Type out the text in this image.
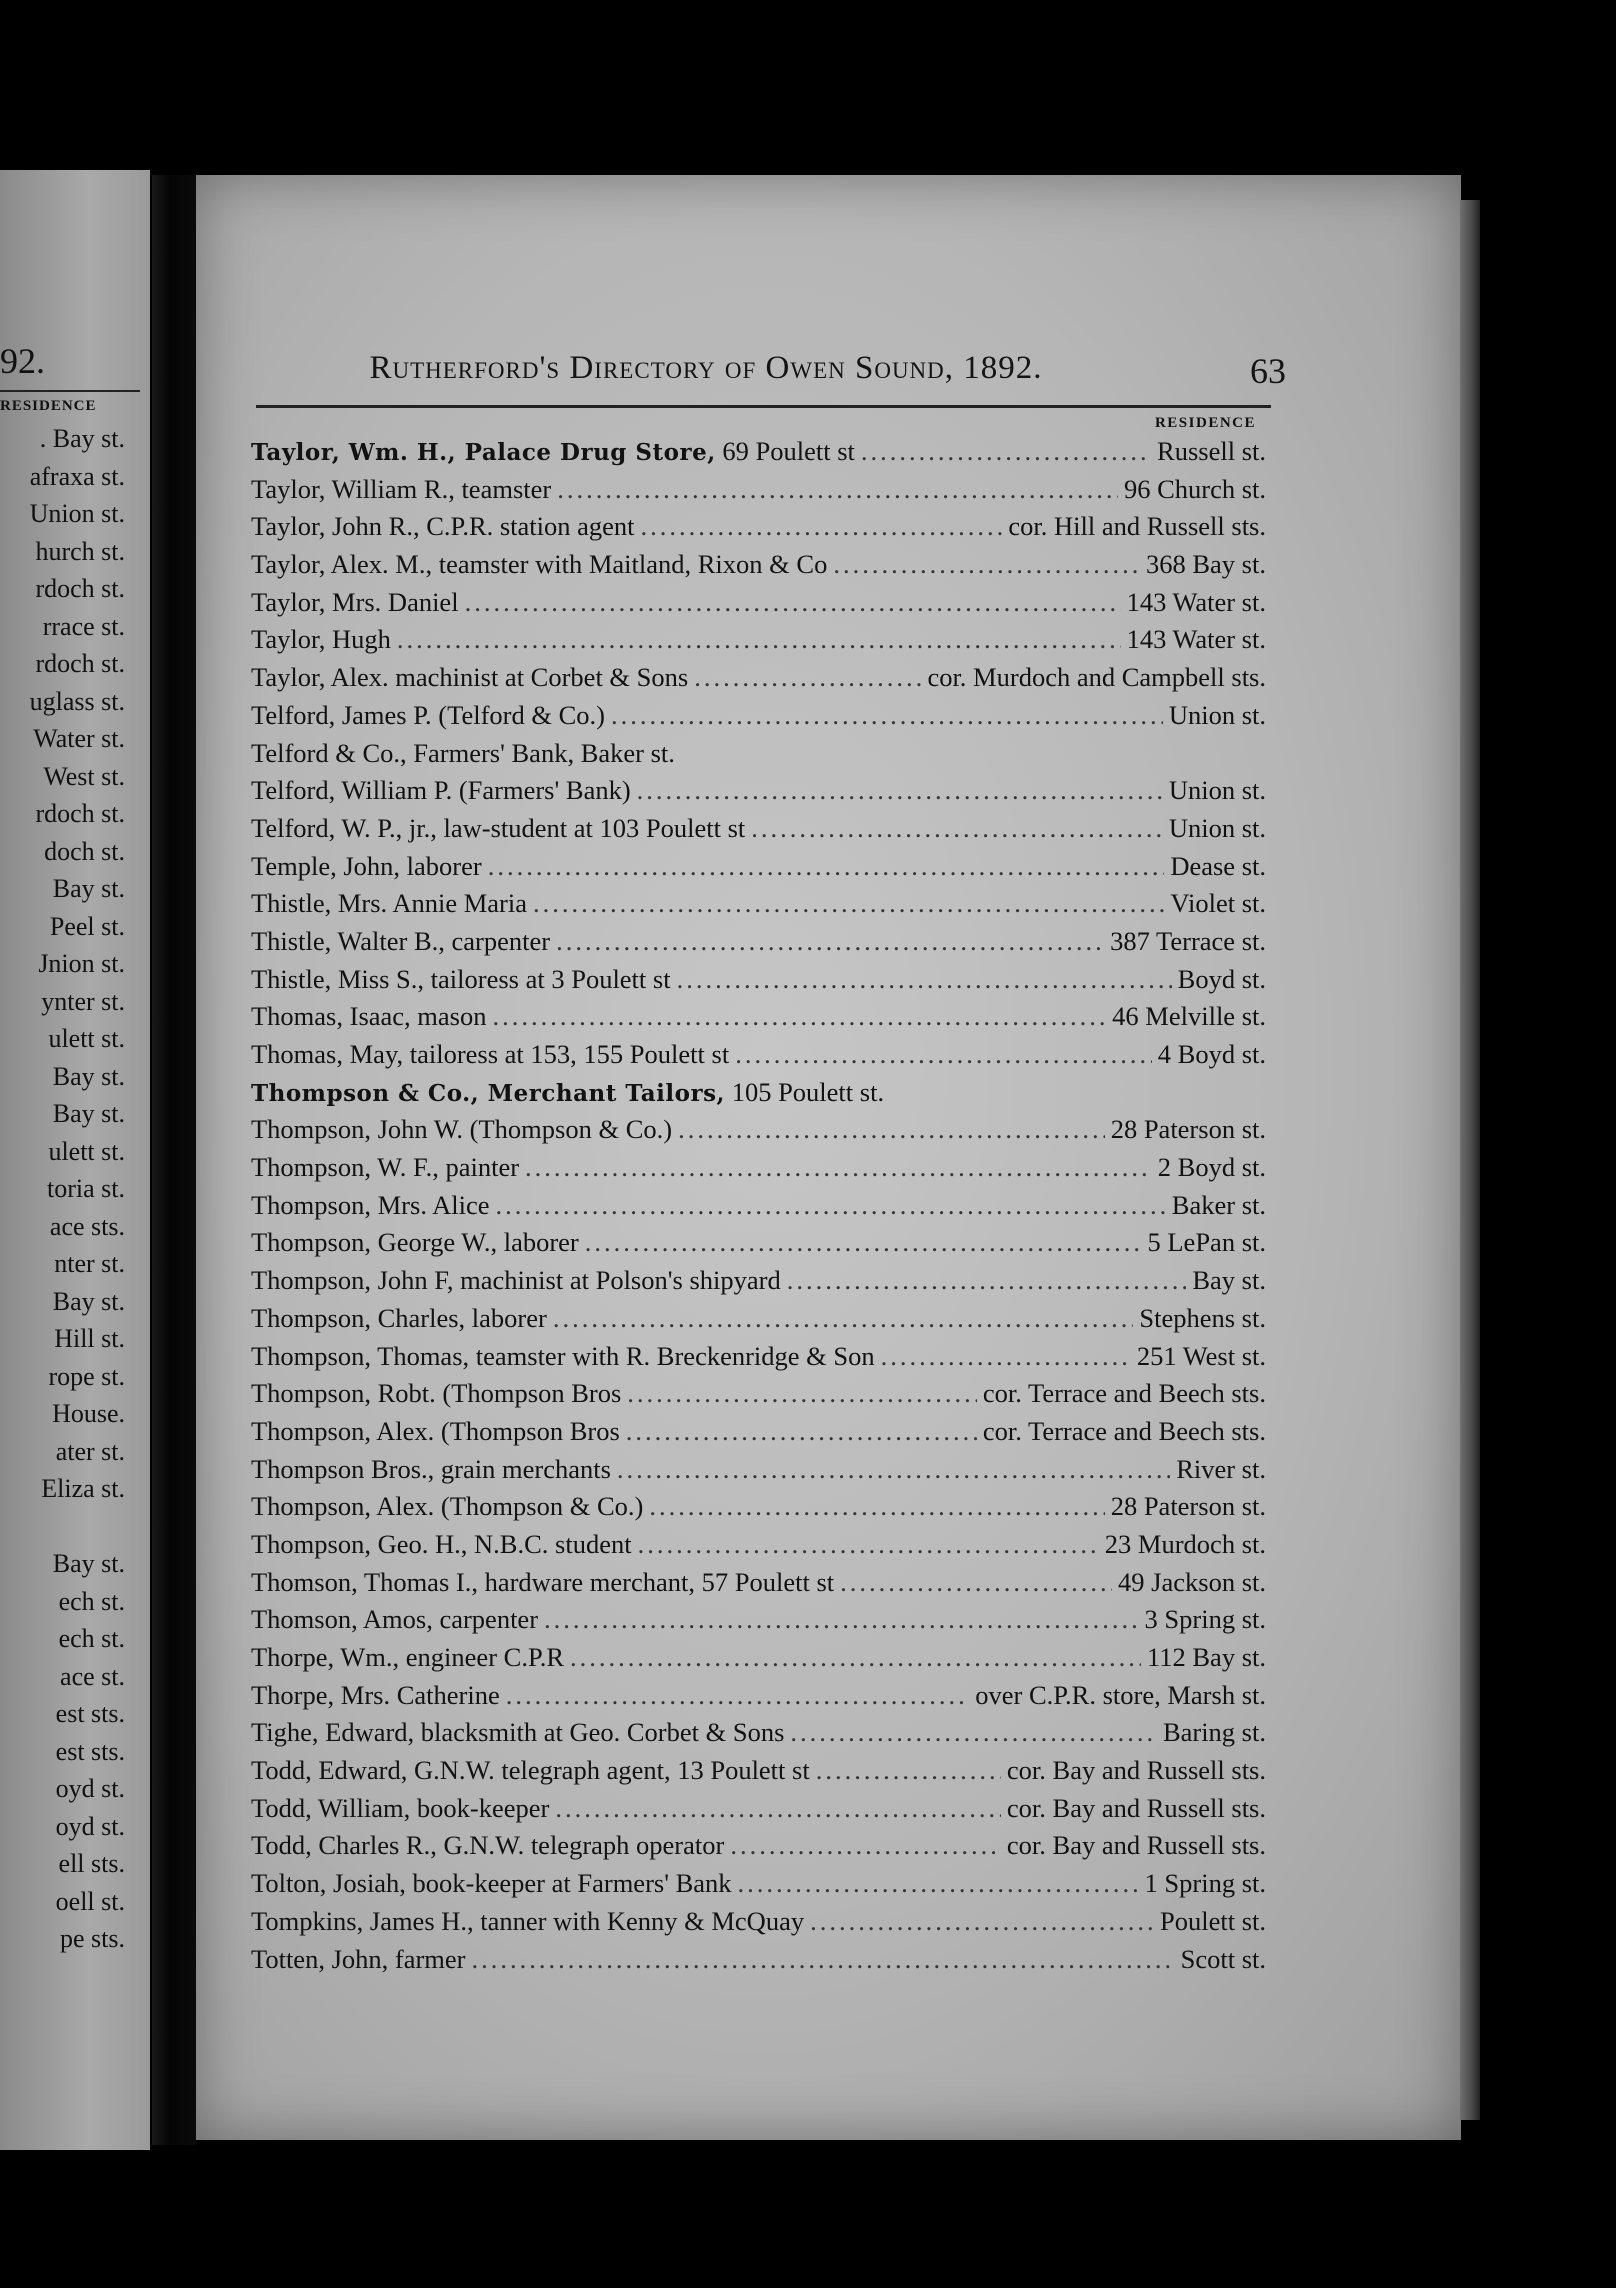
92.
RESIDENCE
. Bay st.
afraxa st.
Union st.
hurch st.
rdoch st.
rrace st.
rdoch st.
uglass st.
Water st.
West st.
rdoch st.
doch st.
Bay st.
Peel st.
Jnion st.
ynter st.
ulett st.
Bay st.
Bay st.
ulett st.
toria st.
ace sts.
nter st.
Bay st.
Hill st.
rope st.
House.
ater st.
Eliza st.
Bay st.
ech st.
ech st.
ace st.
est sts.
est sts.
oyd st.
oyd st.
ell sts.
oell st.
pe sts.
Rutherford's Directory of Owen Sound, 1892.	63
RESIDENCE
Taylor, Wm. H., Palace Drug Store, 69 Poulett st .....	Russell st.
Taylor, William R., teamster .....	96 Church st.
Taylor, John R., C.P.R. station agent .....	cor. Hill and Russell sts.
Taylor, Alex. M., teamster with Maitland, Rixon & Co .....	368 Bay st.
Taylor, Mrs. Daniel .....	143 Water st.
Taylor, Hugh .....	143 Water st.
Taylor, Alex. machinist at Corbet & Sons .....	cor. Murdoch and Campbell sts.
Telford, James P. (Telford & Co.) .....	Union st.
Telford & Co., Farmers' Bank, Baker st.
Telford, William P. (Farmers' Bank) .....	Union st.
Telford, W. P., jr., law-student at 103 Poulett st .....	Union st.
Temple, John, laborer .....	Dease st.
Thistle, Mrs. Annie Maria .....	Violet st.
Thistle, Walter B., carpenter .....	387 Terrace st.
Thistle, Miss S., tailoress at 3 Poulett st .....	Boyd st.
Thomas, Isaac, mason .....	46 Melville st.
Thomas, May, tailoress at 153, 155 Poulett st .....	4 Boyd st.
Thompson & Co., Merchant Tailors, 105 Poulett st.
Thompson, John W. (Thompson & Co.) .....	28 Paterson st.
Thompson, W. F., painter .....	2 Boyd st.
Thompson, Mrs. Alice .....	Baker st.
Thompson, George W., laborer .....	5 LePan st.
Thompson, John F, machinist at Polson's shipyard .....	Bay st.
Thompson, Charles, laborer .....	Stephens st.
Thompson, Thomas, teamster with R. Breckenridge & Son .....	251 West st.
Thompson, Robt. (Thompson Bros .....	cor. Terrace and Beech sts.
Thompson, Alex. (Thompson Bros .....	cor. Terrace and Beech sts.
Thompson Bros., grain merchants .....	River st.
Thompson, Alex. (Thompson & Co.) .....	28 Paterson st.
Thompson, Geo. H., N.B.C. student .....	23 Murdoch st.
Thomson, Thomas I., hardware merchant, 57 Poulett st .....	49 Jackson st.
Thomson, Amos, carpenter .....	3 Spring st.
Thorpe, Wm., engineer C.P.R .....	112 Bay st.
Thorpe, Mrs. Catherine .....	over C.P.R. store, Marsh st.
Tighe, Edward, blacksmith at Geo. Corbet & Sons .....	Baring st.
Todd, Edward, G.N.W. telegraph agent, 13 Poulett st .....	cor. Bay and Russell sts.
Todd, William, book-keeper .....	cor. Bay and Russell sts.
Todd, Charles R., G.N.W. telegraph operator .....	cor. Bay and Russell sts.
Tolton, Josiah, book-keeper at Farmers' Bank .....	1 Spring st.
Tompkins, James H., tanner with Kenny & McQuay .....	Poulett st.
Totten, John, farmer .....	Scott st.
